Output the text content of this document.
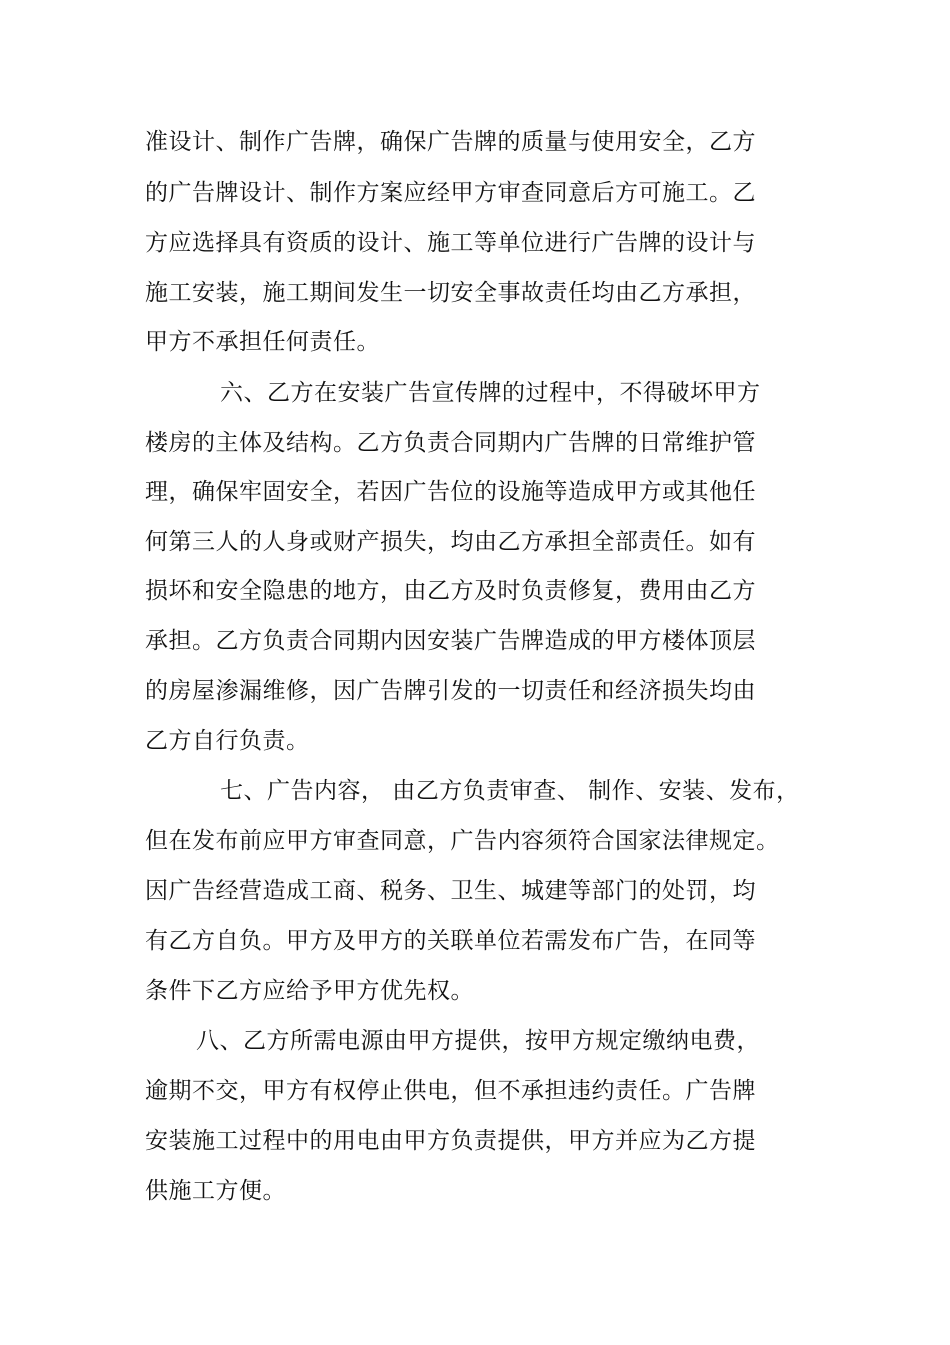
准设计、制作广告牌，确保广告牌的质量与使用安全，乙方
的广告牌设计、制作方案应经甲方审查同意后方可施工。乙
方应选择具有资质的设计、施工等单位进行广告牌的设计与
施工安装，施工期间发生一切安全事故责任均由乙方承担，
甲方不承担任何责任。
六、乙方在安装广告宣传牌的过程中，不得破坏甲方
楼房的主体及结构。乙方负责合同期内广告牌的日常维护管
理，确保牢固安全，若因广告位的设施等造成甲方或其他任
何第三人的人身或财产损失，均由乙方承担全部责任。如有
损坏和安全隐患的地方，由乙方及时负责修复，费用由乙方
承担。乙方负责合同期内因安装广告牌造成的甲方楼体顶层
的房屋渗漏维修，因广告牌引发的一切责任和经济损失均由
乙方自行负责。
七、广告内容， 由乙方负责审查、 制作、安装、发布，
但在发布前应甲方审查同意，广告内容须符合国家法律规定。
因广告经营造成工商、税务、卫生、城建等部门的处罚，均
有乙方自负。甲方及甲方的关联单位若需发布广告，在同等
条件下乙方应给予甲方优先权。
八、乙方所需电源由甲方提供，按甲方规定缴纳电费，
逾期不交，甲方有权停止供电，但不承担违约责任。广告牌
安装施工过程中的用电由甲方负责提供，甲方并应为乙方提
供施工方便。
